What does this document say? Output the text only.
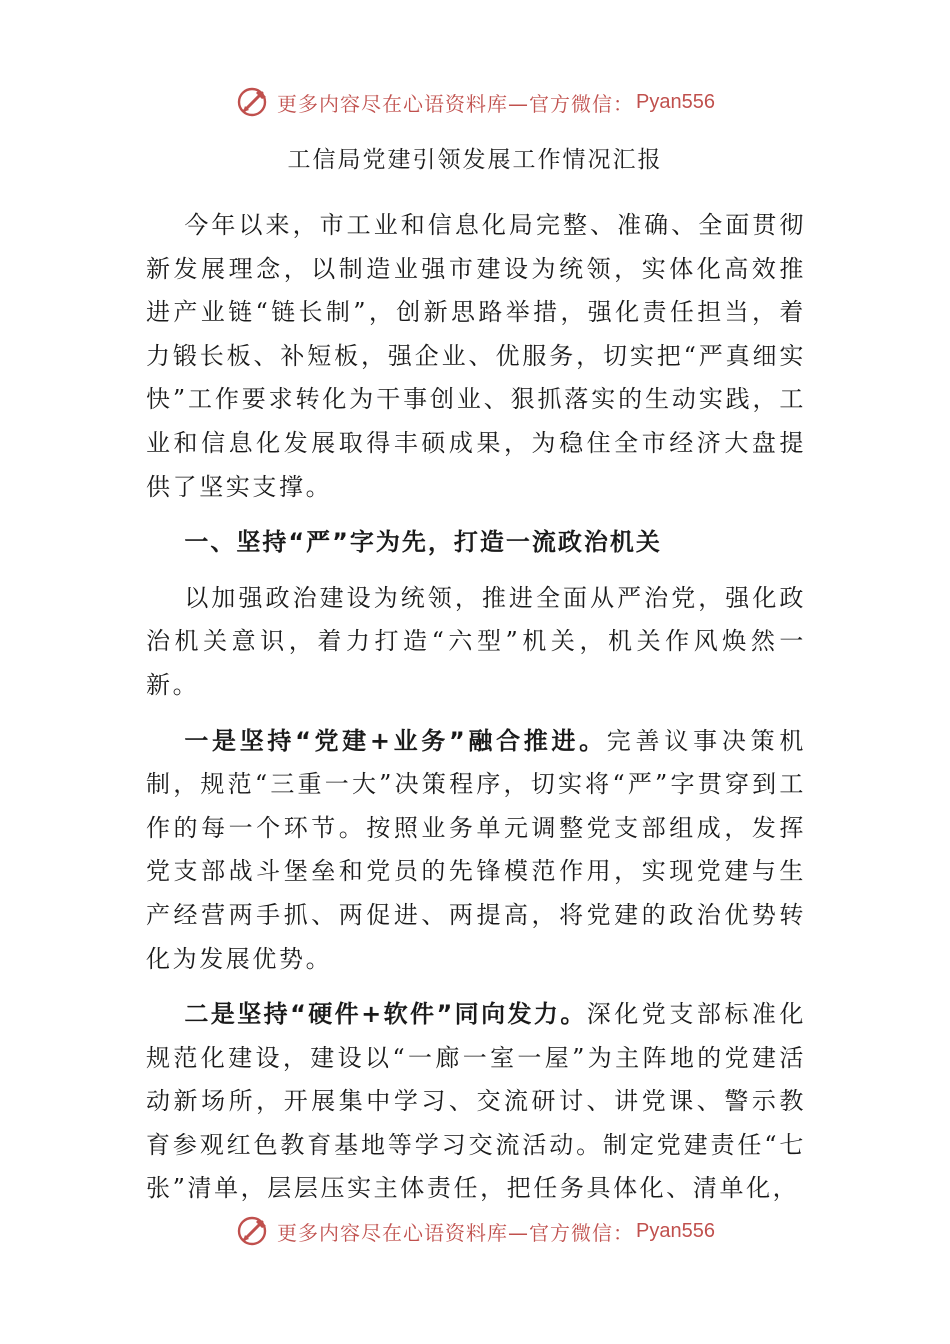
更多内容尽在心语资料库—官方微信： Pyan556
工信局党建引领发展工作情况汇报

今年以来，市工业和信息化局完整、准确、全面贯彻新发展理念，以制造业强市建设为统领，实体化高效推进产业链“链长制”，创新思路举措，强化责任担当，着力锻长板、补短板，强企业、优服务，切实把“严真细实快”工作要求转化为干事创业、狠抓落实的生动实践，工业和信息化发展取得丰硕成果，为稳住全市经济大盘提供了坚实支撑。

一、坚持“严”字为先，打造一流政治机关

以加强政治建设为统领，推进全面从严治党，强化政治机关意识，着力打造“六型”机关，机关作风焕然一新。

一是坚持“党建+业务”融合推进。完善议事决策机制，规范“三重一大”决策程序，切实将“严”字贯穿到工作的每一个环节。按照业务单元调整党支部组成，发挥党支部战斗堡垒和党员的先锋模范作用，实现党建与生产经营两手抓、两促进、两提高，将党建的政治优势转化为发展优势。

二是坚持“硬件+软件”同向发力。深化党支部标准化规范化建设，建设以“一廊一室一屋”为主阵地的党建活动新场所，开展集中学习、交流研讨、讲党课、警示教育参观红色教育基地等学习交流活动。制定党建责任“七张”清单，层层压实主体责任，把任务具体化、清单化，

更多内容尽在心语资料库—官方微信： Pyan556
